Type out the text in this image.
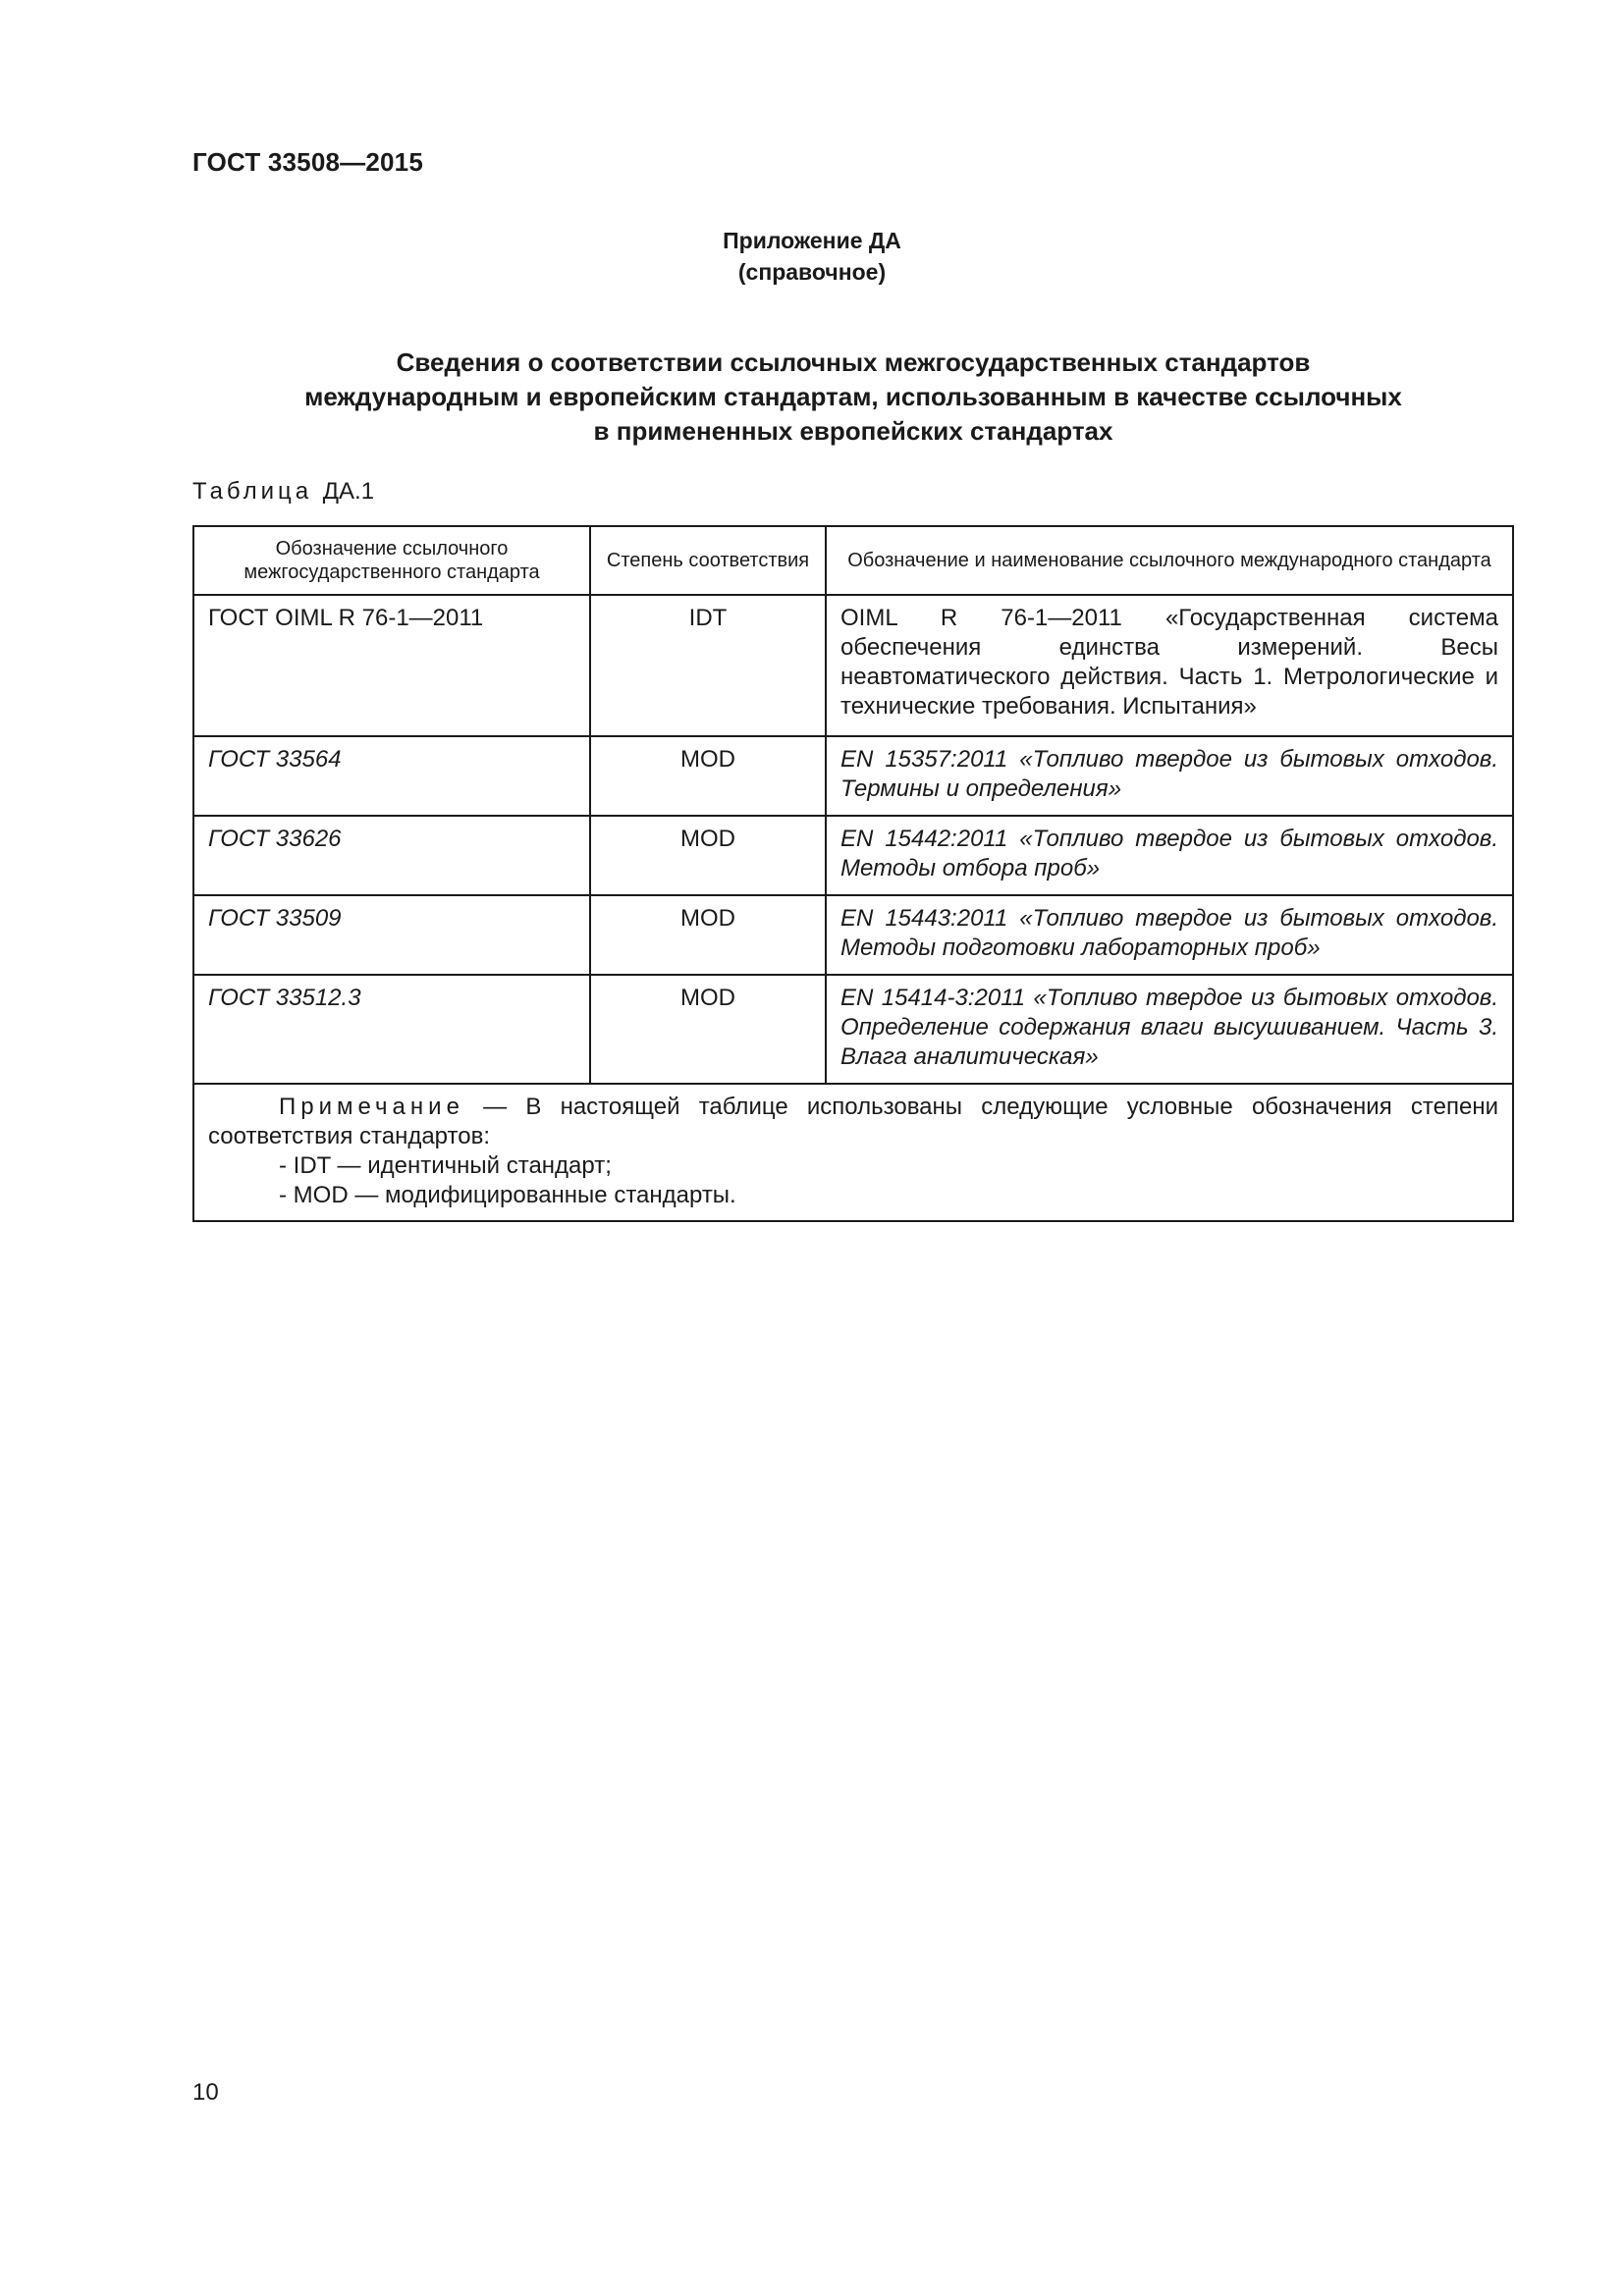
ГОСТ 33508—2015
Приложение ДА
(справочное)
Сведения о соответствии ссылочных межгосударственных стандартов
международным и европейским стандартам, использованным в качестве ссылочных
в примененных европейских стандартах
Таблица ДА.1
Обозначение ссылочного межгосударственного стандарта	Степень соответствия	Обозначение и наименование ссылочного международного стандарта
ГОСТ OIML R 76-1—2011	IDT	OIML R 76-1—2011 «Государственная система обеспечения единства измерений. Весы неавтоматического действия. Часть 1. Метрологические и технические требования. Испытания»
ГОСТ 33564	MOD	EN 15357:2011 «Топливо твердое из бытовых отходов. Термины и определения»
ГОСТ 33626	MOD	EN 15442:2011 «Топливо твердое из бытовых отходов. Методы отбора проб»
ГОСТ 33509	MOD	EN 15443:2011 «Топливо твердое из бытовых отходов. Методы подготовки лабораторных проб»
ГОСТ 33512.3	MOD	EN 15414-3:2011 «Топливо твердое из бытовых отходов. Определение содержания влаги высушиванием. Часть 3. Влага аналитическая»

Примечание — В настоящей таблице использованы следующие условные обозначения степени соответствия стандартов:
- IDT — идентичный стандарт;
- MOD — модифицированные стандарты.		
10
